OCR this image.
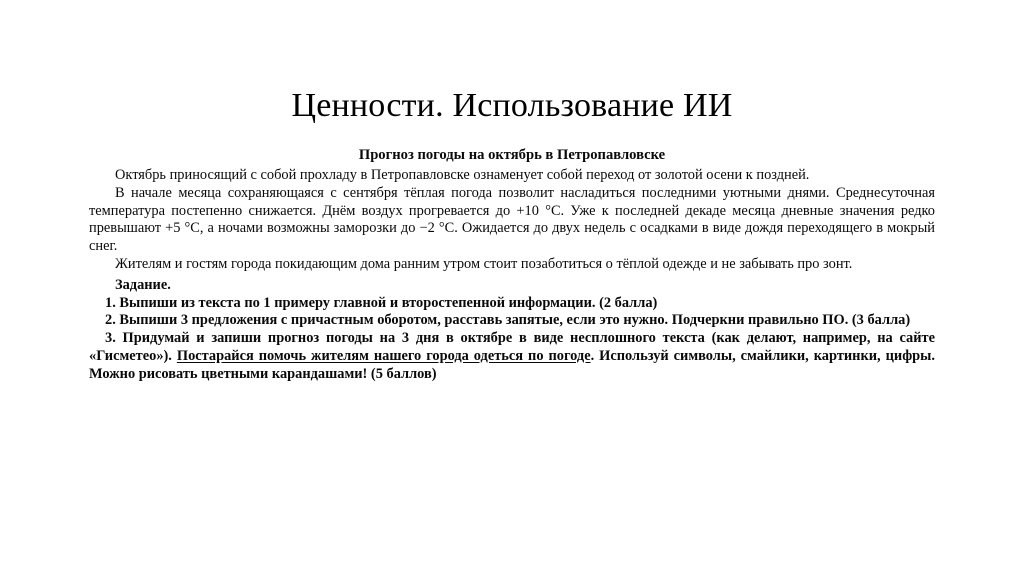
Ценности. Использование ИИ
Прогноз погоды на октябрь в Петропавловске

Октябрь приносящий с собой прохладу в Петропавловске ознаменует собой переход от золотой осени к поздней.

В начале месяца сохраняющаяся с сентября тёплая погода позволит насладиться последними уютными днями. Среднесуточная температура постепенно снижается. Днём воздух прогревается до +10 °С. Уже к последней декаде месяца дневные значения редко превышают +5 °С, а ночами возможны заморозки до −2 °С. Ожидается до двух недель с осадками в виде дождя переходящего в мокрый снег.

Жителям и гостям города покидающим дома ранним утром стоит позаботиться о тёплой одежде и не забывать про зонт.

Задание.

1. Выпиши из текста по 1 примеру главной и второстепенной информации. (2 балла)

2. Выпиши 3 предложения с причастным оборотом, расставь запятые, если это нужно. Подчеркни правильно ПО. (3 балла)

3. Придумай и запиши прогноз погоды на 3 дня в октябре в виде несплошного текста (как делают, например, на сайте «Гисметео»). Постарайся помочь жителям нашего города одеться по погоде. Используй символы, смайлики, картинки, цифры. Можно рисовать цветными карандашами! (5 баллов)
